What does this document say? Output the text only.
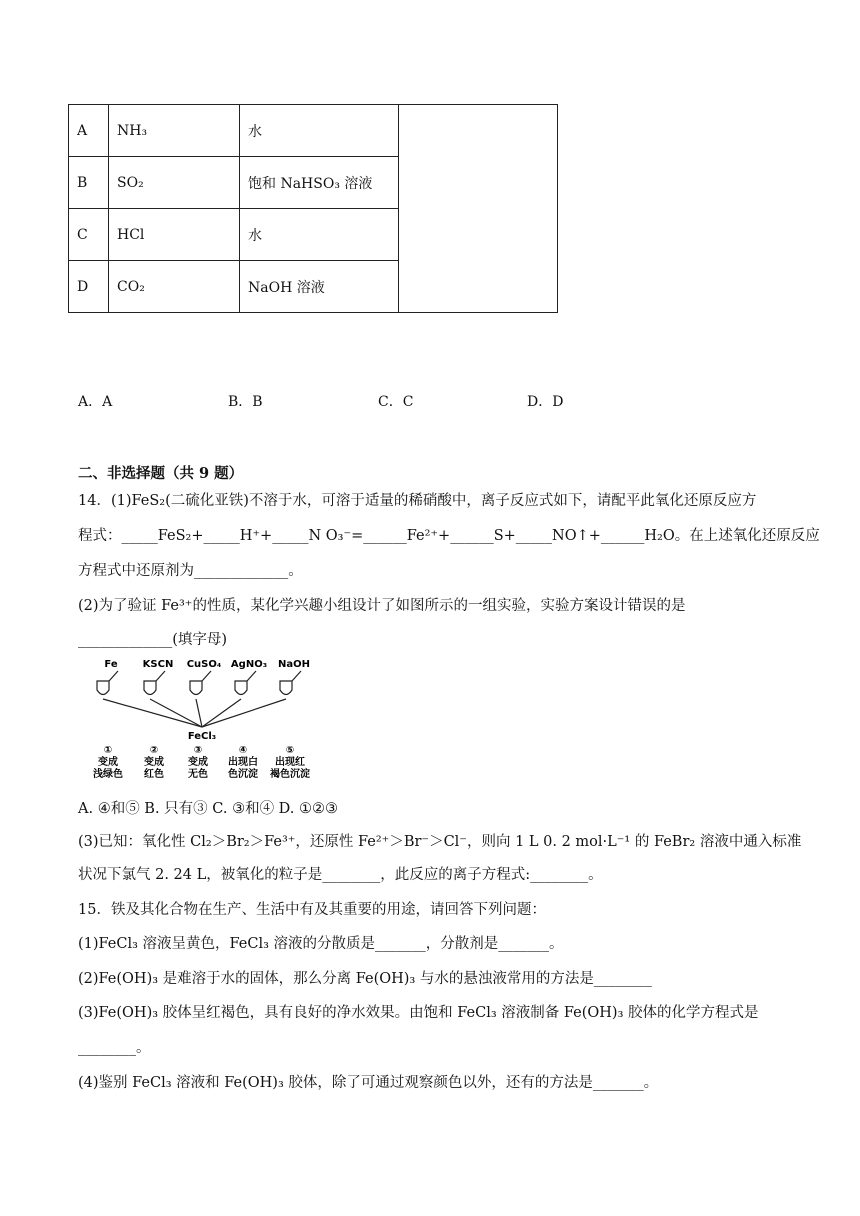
A	NH₃	水	
B	SO₂	饱和 NaHSO₃ 溶液	
C	HCl	水	
D	CO₂	NaOH 溶液	
A．A	B．B	C．C	D．D
二、非选择题（共 9 题）
14．(1)FeS₂(二硫化亚铁)不溶于水，可溶于适量的稀硝酸中，离子反应式如下，请配平此氧化还原反应方
程式：_____FeS₂+_____H⁺+_____N O₃⁻=______Fe²⁺+______S+_____NO↑+______H₂O。在上述氧化还原反应
方程式中还原剂为_____________。
(2)为了验证 Fe³⁺的性质，某化学兴趣小组设计了如图所示的一组实验，实验方案设计错误的是
_____________(填字母)
Fe	KSCN CuSO₄ AgNO₃ NaOH
FeCl₃
①	②	③	④	⑤
变成	变成 变成 出现白 出现红
浅绿色 红色 无色 色沉淀 褐色沉淀
A. ④和⑤ B. 只有③ C. ③和④ D. ①②③
(3)已知：氧化性 Cl₂＞Br₂＞Fe³⁺，还原性 Fe²⁺＞Br⁻＞Cl⁻，则向 1 L 0. 2 mol·L⁻¹ 的 FeBr₂ 溶液中通入标准
状况下氯气 2. 24 L，被氧化的粒子是________，此反应的离子方程式:________。
15．铁及其化合物在生产、生活中有及其重要的用途，请回答下列问题：
(1)FeCl₃ 溶液呈黄色，FeCl₃ 溶液的分散质是_______，分散剂是_______。
(2)Fe(OH)₃ 是难溶于水的固体，那么分离 Fe(OH)₃ 与水的悬浊液常用的方法是________
(3)Fe(OH)₃ 胶体呈红褐色，具有良好的净水效果。由饱和 FeCl₃ 溶液制备 Fe(OH)₃ 胶体的化学方程式是
________。
(4)鉴别 FeCl₃ 溶液和 Fe(OH)₃ 胶体，除了可通过观察颜色以外，还有的方法是_______。
